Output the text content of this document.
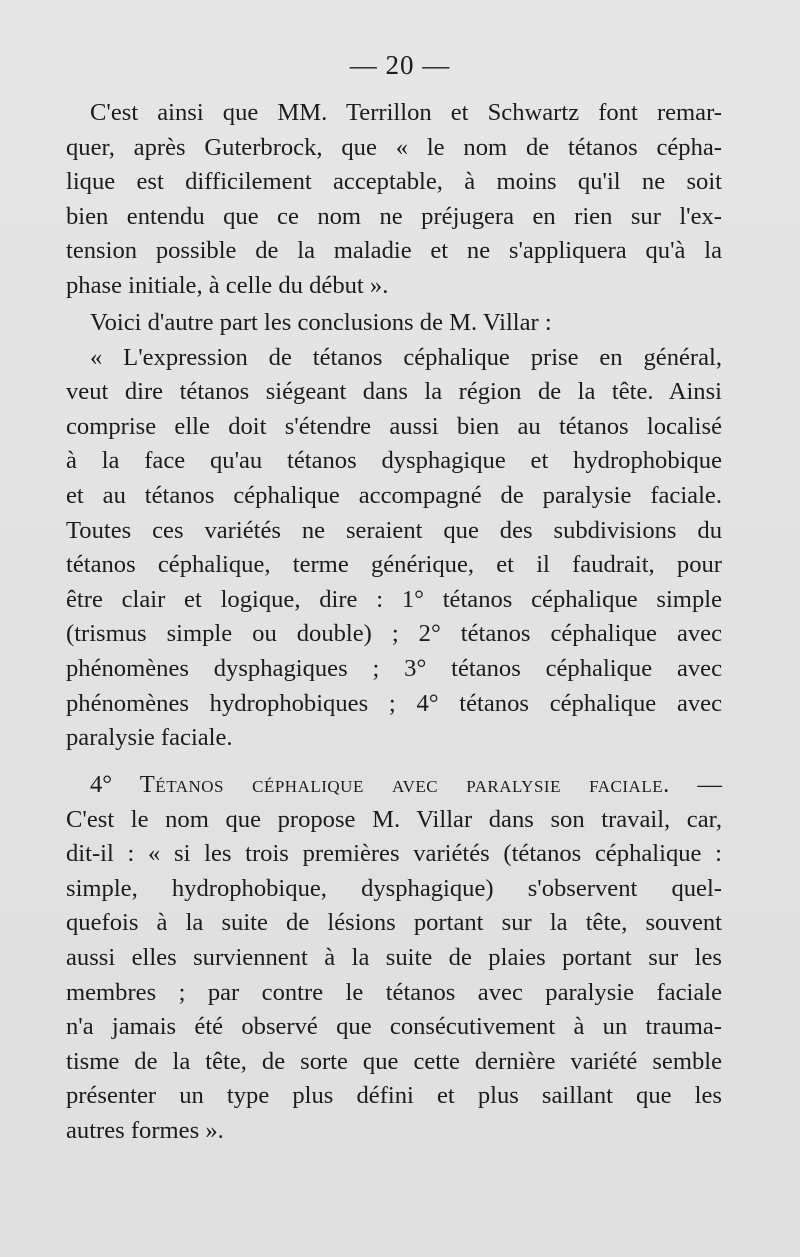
— 20 —
C'est ainsi que MM. Terrillon et Schwartz font remar-
quer, après Guterbrock, que « le nom de tétanos cépha-
lique est difficilement acceptable, à moins qu'il ne soit
bien entendu que ce nom ne préjugera en rien sur l'ex-
tension possible de la maladie et ne s'appliquera qu'à la
phase initiale, à celle du début ».
Voici d'autre part les conclusions de M. Villar :
« L'expression de tétanos céphalique prise en général,
veut dire tétanos siégeant dans la région de la tête. Ainsi
comprise elle doit s'étendre aussi bien au tétanos localisé
à la face qu'au tétanos dysphagique et hydrophobique
et au tétanos céphalique accompagné de paralysie faciale.
Toutes ces variétés ne seraient que des subdivisions du
tétanos céphalique, terme générique, et il faudrait, pour
être clair et logique, dire : 1° tétanos céphalique simple
(trismus simple ou double) ; 2° tétanos céphalique avec
phénomènes dysphagiques ; 3° tétanos céphalique avec
phénomènes hydrophobiques ; 4° tétanos céphalique avec
paralysie faciale.
4° Tétanos céphalique avec paralysie faciale. —
C'est le nom que propose M. Villar dans son travail, car,
dit-il : « si les trois premières variétés (tétanos céphalique :
simple, hydrophobique, dysphagique) s'observent quel-
quefois à la suite de lésions portant sur la tête, souvent
aussi elles surviennent à la suite de plaies portant sur les
membres ; par contre le tétanos avec paralysie faciale
n'a jamais été observé que consécutivement à un trauma-
tisme de la tête, de sorte que cette dernière variété semble
présenter un type plus défini et plus saillant que les
autres formes ».
